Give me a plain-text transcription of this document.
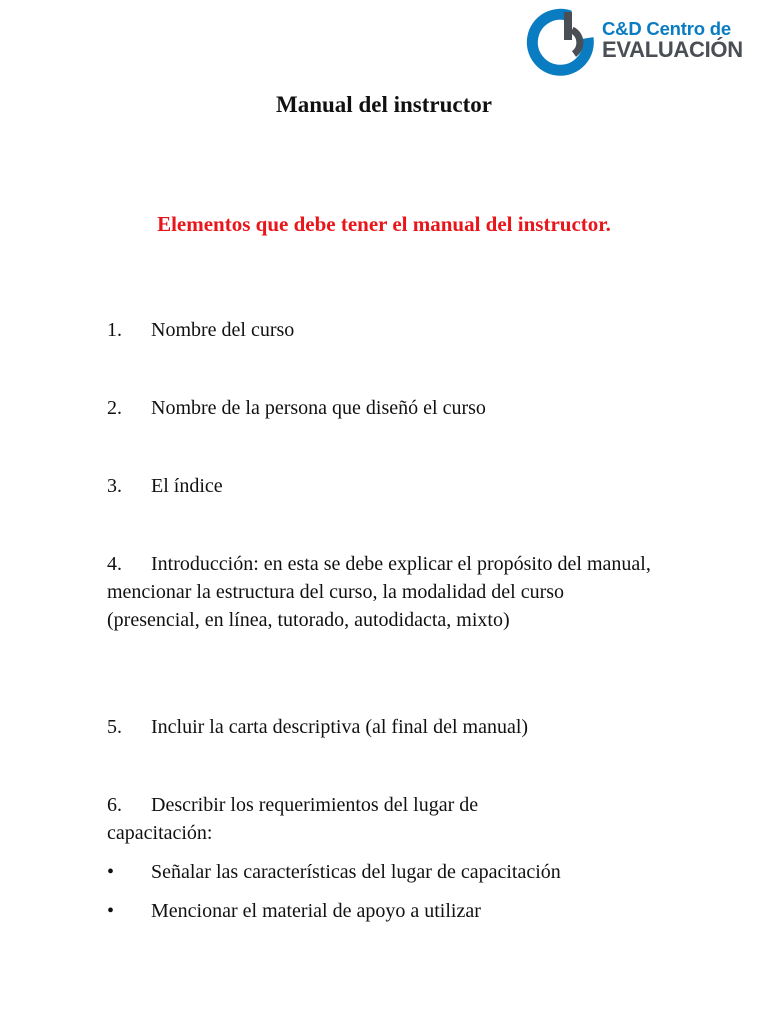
C&D Centro de
EVALUACIÓN
Manual del instructor
Elementos que debe tener el manual del instructor.
1. Nombre del curso
2. Nombre de la persona que diseñó el curso
3. El índice
4. Introducción: en esta se debe explicar el propósito del manual, mencionar la estructura del curso, la modalidad del curso (presencial, en línea, tutorado, autodidacta, mixto)
5. Incluir la carta descriptiva (al final del manual)
6. Describir los requerimientos del lugar de capacitación:
• Señalar las características del lugar de capacitación
• Mencionar el material de apoyo a utilizar
